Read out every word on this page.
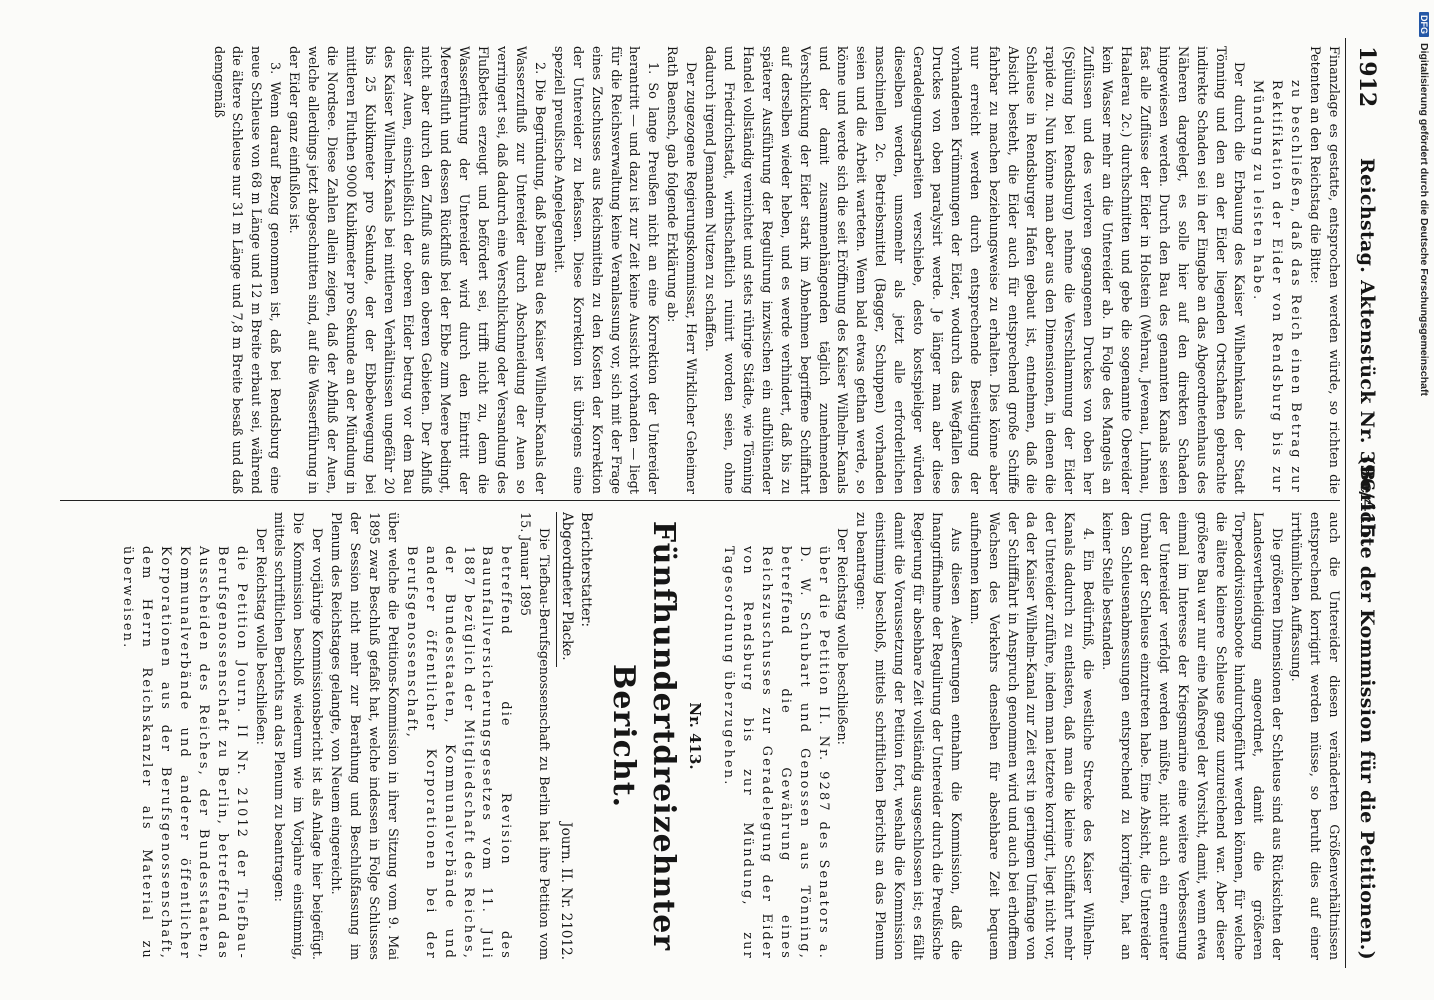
1912
Reichstag. Aktenstück Nr. 396/415.
(Berichte der Kommission für die Petitionen.)

Finanzlage es gestatte, entsprochen werden würde, so richten die Petenten an den Reichstag die Bitte:

zu beschließen, daß das Reich einen Betrag zur Rektifikation der Eider von Rendsburg bis zur Mündung zu leisten habe.

Der durch die Erbauung des Kaiser Wilhelmkanals der Stadt Tönning und den an der Eider liegenden Ortschaften gebrachte indirekte Schaden sei in der Eingabe an das Abgeordnetenhaus des Näheren dargelegt, es solle hier auf den direkten Schaden hingewiesen werden. Durch den Bau des genannten Kanals seien fast alle Zuflüsse der Eider in Holstein (Wehrau, Jevenau, Luhnau, Haalerau 2c.) durchschnitten und gebe die sogenannte Obereider kein Wasser mehr an die Untereider ab. In Folge des Mangels an Zuflüssen und des verloren gegangenen Druckes von oben her (Spülung bei Rendsburg) nehme die Verschlammung der Eider rapide zu. Nun könne man aber aus den Dimensionen, in denen die Schleuse in Rendsburger Hafen gebaut ist, entnehmen, daß die Absicht besteht, die Eider auch für entsprechend große Schiffe fahrbar zu machen beziehungsweise zu erhalten. Dies könne aber nur erreicht werden durch entsprechende Beseitigung der vorhandenen Krümmungen der Eider, wodurch das Wegfallen des Druckes von oben paralysirt werde. Je länger man aber diese Geradelegungsarbeiten verschiebe, desto kostspieliger würden dieselben werden, umsomehr als jetzt alle erforderlichen maschinellen 2c. Betriebsmittel (Bagger, Schuppen) vorhanden seien und die Arbeit warteten. Wenn bald etwas gethan werde, so könne und werde sich die seit Eröffnung des Kaiser Wilhelm-Kanals und der damit zusammenhängenden täglich zunehmenden Verschlickung der Eider stark im Abnehmen begriffene Schiffahrt auf derselben wieder heben, und es werde verhindert, daß bis zu späterer Ausführung der Regulirung inzwischen ein aufblühender Handel vollständig vernichtet und stets rührige Städte, wie Tönning und Friedrichstadt, wirthschaftlich ruinirt worden seien, ohne dadurch irgend Jemandem Nutzen zu schaffen.

Der zugezogene Regierungskommissar, Herr Wirklicher Geheimer Rath Baensch, gab folgende Erklärung ab:

1. So lange Preußen nicht an eine Korrektion der Untereider herantritt — und dazu ist zur Zeit keine Aussicht vorhanden — liegt für die Reichsverwaltung keine Veranlassung vor, sich mit der Frage eines Zuschusses aus Reichsmitteln zu den Kosten der Korrektion der Untereider zu befassen. Diese Korrektion ist übrigens eine speziell preußische Angelegenheit.

2. Die Begründung, daß beim Bau des Kaiser Wilhelm-Kanals der Wasserzufluß zur Untereider durch Abschneidung der Auen so verringert sei, daß dadurch eine Verschlickung oder Versandung des Flußbettes erzeugt und befördert sei, trifft nicht zu, denn die Wasserführung der Untereider wird durch den Eintritt der Meeresfluth und dessen Rückfluß bei der Ebbe zum Meere bedingt, nicht aber durch den Zufluß aus den oberen Gebieten. Der Abfluß dieser Auen, einschließlich der oberen Eider betrug vor dem Bau des Kaiser Wilhelm-Kanals bei mittleren Verhältnissen ungefähr 20 bis 25 Kubikmeter pro Sekunde, der der Ebbebewegung bei mittleren Fluthen 9000 Kubikmeter pro Sekunde an der Mündung in die Nordsee. Diese Zahlen allein zeigen, daß der Abfluß der Auen, welche allerdings jetzt abgeschnitten sind, auf die Wasserführung in der Eider ganz einflußlos ist.

3. Wenn darauf Bezug genommen ist, daß bei Rendsburg eine neue Schleuse von 68 m Länge und 12 m Breite erbaut sei, während die ältere Schleuse nur 31 m Länge und 7,8 m Breite besaß und daß demgemäß

auch die Untereider diesen veränderten Größenverhältnissen entsprechend korrigirt werden müsse, so beruht dies auf einer irrthümlichen Auffassung.

Die größeren Dimensionen der Schleuse sind aus Rücksichten der Landesvertheidigung angeordnet, damit die größeren Torpedodivisionsboote hindurchgeführt werden können, für welche die ältere kleinere Schleuse ganz unzureichend war. Aber dieser größere Bau war nur eine Maßregel der Vorsicht, damit, wenn etwa einmal im Interesse der Kriegsmarine eine weitere Verbesserung der Untereider verfolgt werden müßte, nicht auch ein erneuter Umbau der Schleuse einzutreten habe. Eine Absicht, die Untereider den Schleusenabmessungen entsprechend zu korrigiren, hat an keiner Stelle bestanden.

4. Ein Bedürfniß, die westliche Strecke des Kaiser Wilhelm-Kanals dadurch zu entlasten, daß man die kleine Schiffahrt mehr der Untereider zuführe, indem man letztere korrigirt, liegt nicht vor, da der Kaiser Wilhelm-Kanal zur Zeit erst in geringem Umfange von der Schifffahrt in Anspruch genommen wird und auch bei erhofftem Wachsen des Verkehrs denselben für absehbare Zeit bequem aufnehmen kann.

Aus diesen Aeußerungen entnahm die Kommission, daß die Inangriffnahme der Regulirung der Untereider durch die Preußische Regierung für absehbare Zeit vollständig ausgeschlossen ist; es fällt damit die Voraussetzung der Petition fort, weshalb die Kommission einstimmig beschloß, mittels schriftlichen Berichts an das Plenum zu beantragen:

Der Reichstag wolle beschließen:

über die Petition II. Nr. 9287 des Senators a. D. W. Schubart und Genossen aus Tönning, betreffend die Gewährung eines Reichszuschusses zur Geradelegung der Eider von Rendsburg bis zur Mündung, zur Tagesordnung überzugehen.

Nr. 413.
Fünfhundertdreizehnter Bericht.
Berichterstatter:
Abgeordneter Placke.
Journ. II. Nr. 21012.

Die Tiefbau-Berufsgenossenschaft zu Berlin hat ihre Petition vom 15. Januar 1895

betreffend die Revision des Bauunfallversicherungsgesetzes vom 11. Juli 1887 bezüglich der Mitgliedschaft des Reiches, der Bundesstaaten, Kommunalverbände und anderer öffentlicher Korporationen bei der Berufsgenossenschaft,

über welche die Petitions-Kommission in ihrer Sitzung vom 9. Mai 1895 zwar Beschluß gefaßt hat, welche indessen in Folge Schlusses der Session nicht mehr zur Berathung und Beschlußfassung im Plenum des Reichstages gelangte, von Neuem eingereicht.

Der vorjährige Kommissionsbericht ist als Anlage hier beigefügt. Die Kommission beschloß wiederum wie im Vorjahre einstimmig, mittels schriftlichen Berichts an das Plenum zu beantragen:

Der Reichstag wolle beschließen:

die Petition Journ. II Nr. 21012 der Tiefbau-Berufsgenossenschaft zu Berlin, betreffend das Ausscheiden des Reiches, der Bundesstaaten, Kommunalverbände und anderer öffentlicher Korporationen aus der Berufsgenossenschaft, dem Herrn Reichskanzler als Material zu überweisen.

DFGDigitalisierung gefördert durch die Deutsche Forschungsgemeinschaft
